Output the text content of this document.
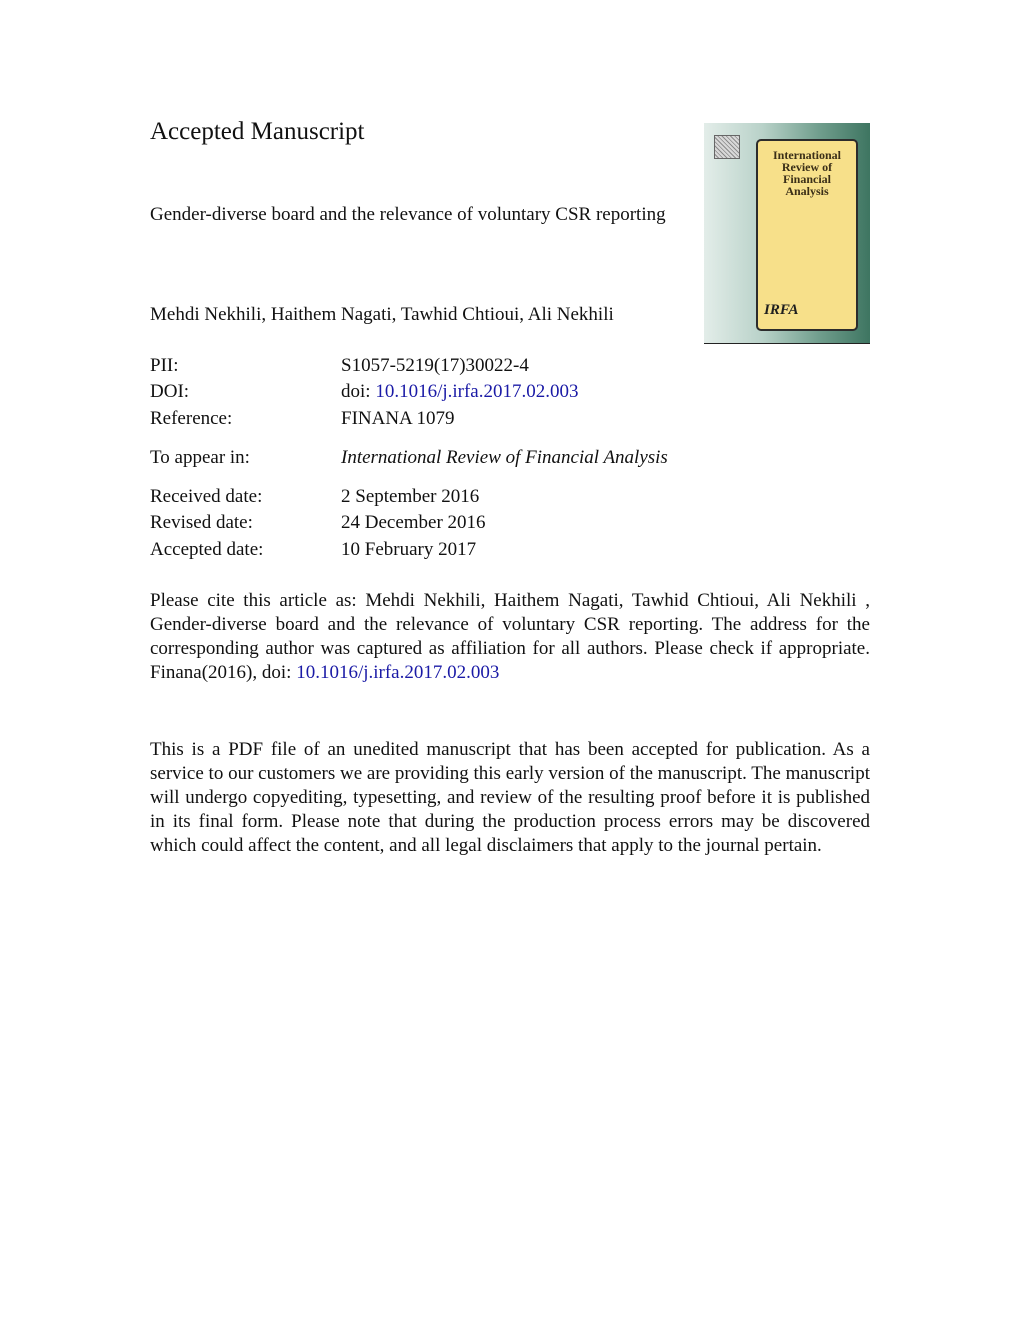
Accepted Manuscript

Gender-diverse board and the relevance of voluntary CSR reporting

Mehdi Nekhili, Haithem Nagati, Tawhid Chtioui, Ali Nekhili

International Review of Financial Analysis
IRFA
PII:	S1057-5219(17)30022-4
DOI:	doi: 10.1016/j.irfa.2017.02.003
Reference:	FINANA 1079
To appear in:	International Review of Financial Analysis
Received date:	2 September 2016
Revised date:	24 December 2016
Accepted date:	10 February 2017

Please cite this article as: Mehdi Nekhili, Haithem Nagati, Tawhid Chtioui, Ali Nekhili , Gender-diverse board and the relevance of voluntary CSR reporting. The address for the corresponding author was captured as affiliation for all authors. Please check if appropriate. Finana(2016), doi: 10.1016/j.irfa.2017.02.003

This is a PDF file of an unedited manuscript that has been accepted for publication. As a service to our customers we are providing this early version of the manuscript. The manuscript will undergo copyediting, typesetting, and review of the resulting proof before it is published in its final form. Please note that during the production process errors may be discovered which could affect the content, and all legal disclaimers that apply to the journal pertain.
